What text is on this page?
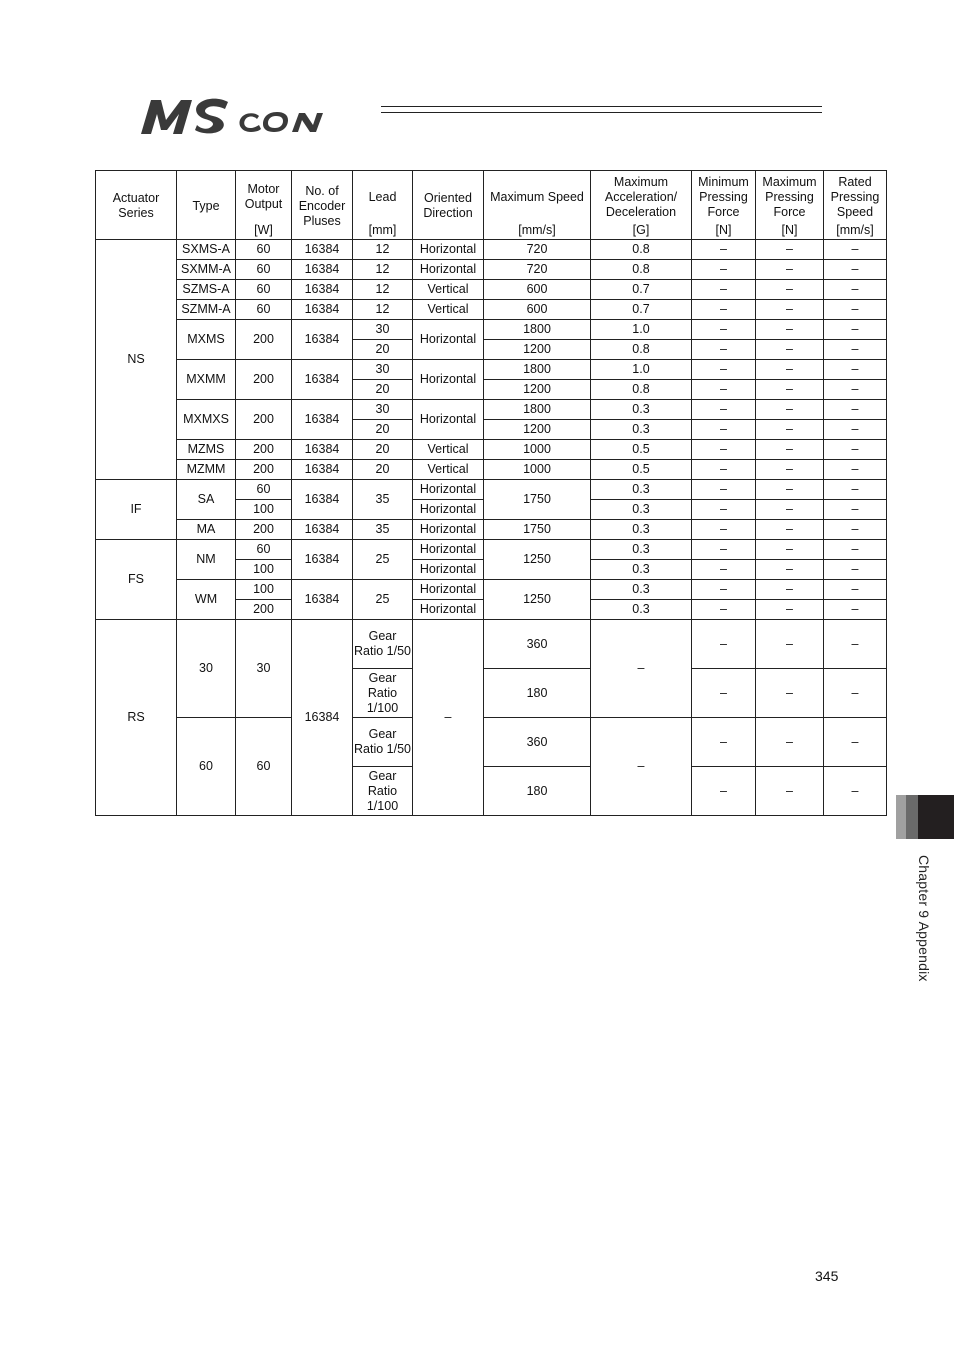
Actuator Series	Type	Motor Output	No. of Encoder Pluses	Lead	Oriented Direction	Maximum Speed	Maximum Acceleration/ Deceleration	Minimum Pressing Force	Maximum Pressing Force	Rated Pressing Speed
		[W]		[mm]		[mm/s]	[G]	[N]	[N]	[mm/s]
NS	SXMS-A	60	16384	12	Horizontal	720	0.8	–	–	–
	SXMM-A	60	16384	12	Horizontal	720	0.8	–	–	–
	SZMS-A	60	16384	12	Vertical	600	0.7	–	–	–
	SZMM-A	60	16384	12	Vertical	600	0.7	–	–	–
	MXMS	200	16384	30	Horizontal	1800	1.0	–	–	–
				20		1200	0.8	–	–	–
	MXMM	200	16384	30	Horizontal	1800	1.0	–	–	–
				20		1200	0.8	–	–	–
	MXMXS	200	16384	30	Horizontal	1800	0.3	–	–	–
				20		1200	0.3	–	–	–
	MZMS	200	16384	20	Vertical	1000	0.5	–	–	–
	MZMM	200	16384	20	Vertical	1000	0.5	–	–	–
IF	SA	60	16384	35	Horizontal	1750	0.3	–	–	–
		100			Horizontal		0.3	–	–	–
	MA	200	16384	35	Horizontal	1750	0.3	–	–	–
FS	NM	60	16384	25	Horizontal	1250	0.3	–	–	–
		100			Horizontal		0.3	–	–	–
	WM	100	16384	25	Horizontal	1250	0.3	–	–	–
		200			Horizontal		0.3	–	–	–
RS	30	30	16384	Gear Ratio 1/50	–	360	–	–	–	–
				Gear Ratio 1/100		180		–	–	–
	60	60		Gear Ratio 1/50		360	–	–	–	–
				Gear Ratio 1/100		180		–	–	–
Chapter 9 Appendix
345
